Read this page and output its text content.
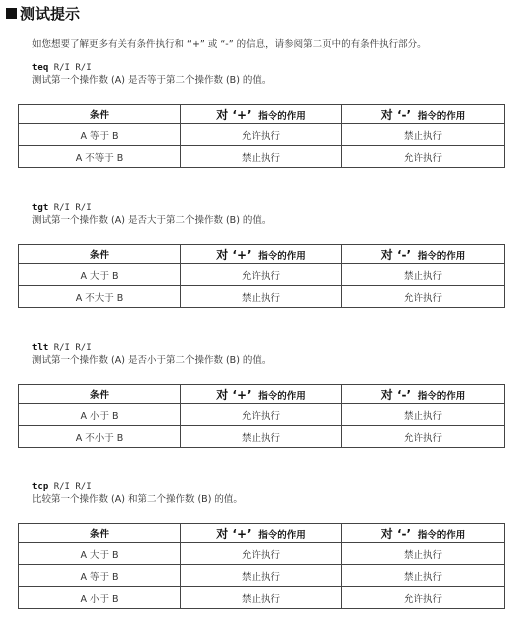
测试提示
如您想要了解更多有关有条件执行和 “+” 或 “-” 的信息，请参阅第二页中的有条件执行部分。
teq R/I R/I
测试第一个操作数 (A) 是否等于第二个操作数 (B) 的值。
条件	对 ‘+’ 指令的作用	对 ‘-’ 指令的作用
A 等于 B	允许执行	禁止执行
A 不等于 B	禁止执行	允许执行
tgt R/I R/I
测试第一个操作数 (A) 是否大于第二个操作数 (B) 的值。
条件	对 ‘+’ 指令的作用	对 ‘-’ 指令的作用
A 大于 B	允许执行	禁止执行
A 不大于 B	禁止执行	允许执行
tlt R/I R/I
测试第一个操作数 (A) 是否小于第二个操作数 (B) 的值。
条件	对 ‘+’ 指令的作用	对 ‘-’ 指令的作用
A 小于 B	允许执行	禁止执行
A 不小于 B	禁止执行	允许执行
tcp R/I R/I
比较第一个操作数 (A) 和第二个操作数 (B) 的值。
条件	对 ‘+’ 指令的作用	对 ‘-’ 指令的作用
A 大于 B	允许执行	禁止执行
A 等于 B	禁止执行	禁止执行
A 小于 B	禁止执行	允许执行
